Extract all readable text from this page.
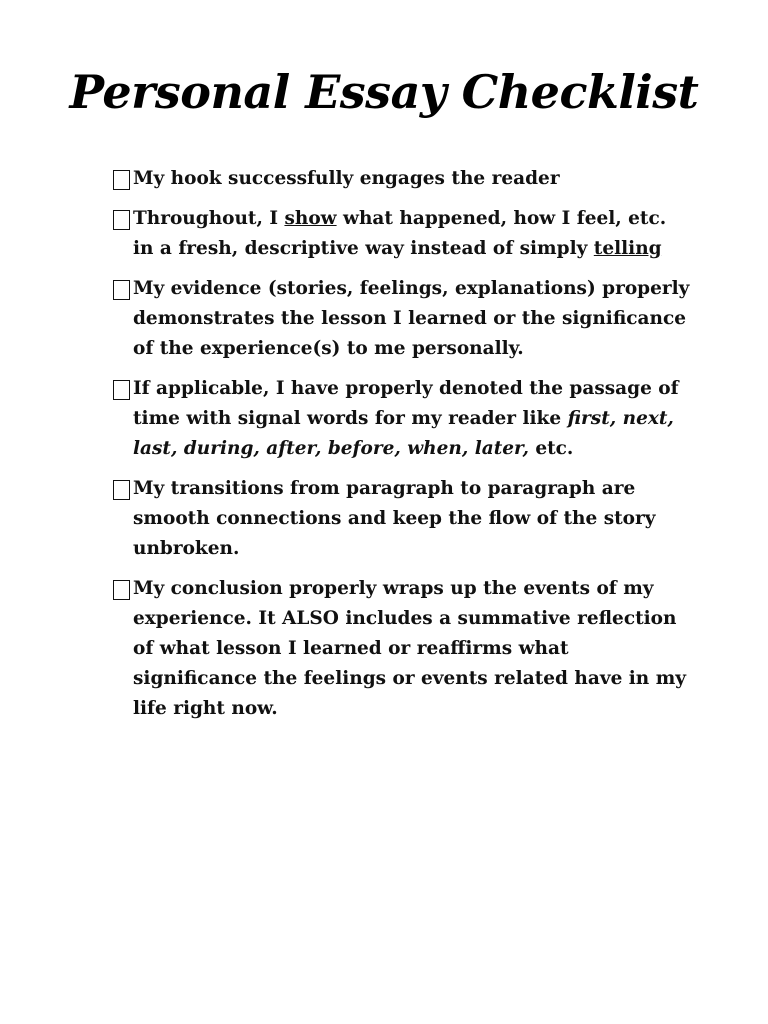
Personal Essay Checklist
My hook successfully engages the reader
Throughout, I show what happened, how I feel, etc.
in a fresh, descriptive way instead of simply telling
My evidence (stories, feelings, explanations) properly
demonstrates the lesson I learned or the significance
of the experience(s) to me personally.
If applicable, I have properly denoted the passage of
time with signal words for my reader like first, next,
last, during, after, before, when, later, etc.
My transitions from paragraph to paragraph are
smooth connections and keep the flow of the story
unbroken.
My conclusion properly wraps up the events of my
experience. It ALSO includes a summative reflection
of what lesson I learned or reaffirms what
significance the feelings or events related have in my
life right now.
